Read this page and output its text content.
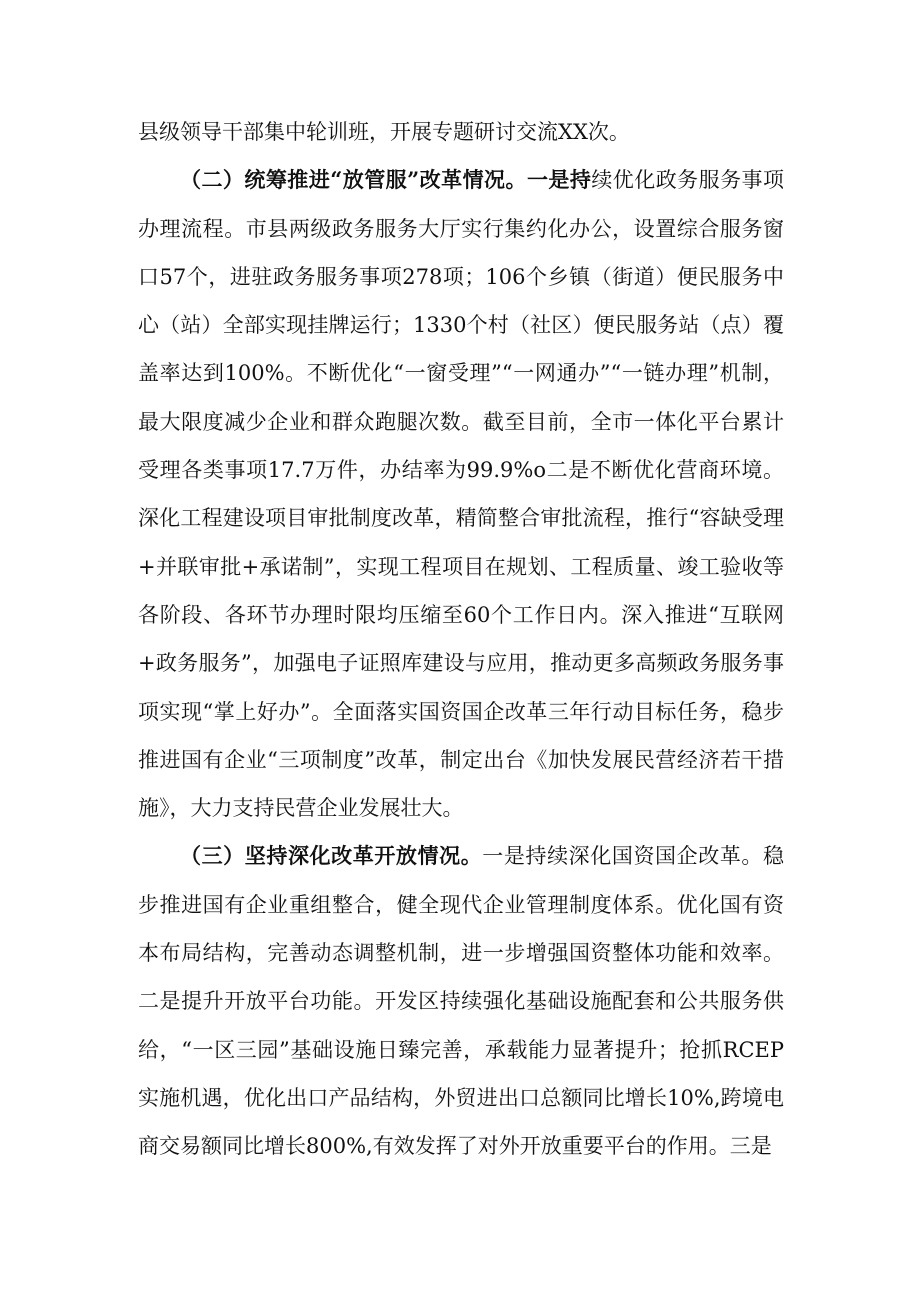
县级领导干部集中轮训班，开展专题研讨交流XX次。

（二）统筹推进“放管服”改革情况。一是持续优化政务服务事项办理流程。市县两级政务服务大厅实行集约化办公，设置综合服务窗口57个，进驻政务服务事项278项；106个乡镇（街道）便民服务中心（站）全部实现挂牌运行；1330个村（社区）便民服务站（点）覆盖率达到100%。不断优化“一窗受理”“一网通办”“一链办理”机制，最大限度减少企业和群众跑腿次数。截至目前，全市一体化平台累计受理各类事项17.7万件，办结率为99.9%o二是不断优化营商环境。深化工程建设项目审批制度改革，精简整合审批流程，推行“容缺受理+并联审批+承诺制”，实现工程项目在规划、工程质量、竣工验收等各阶段、各环节办理时限均压缩至60个工作日内。深入推进“互联网+政务服务”，加强电子证照库建设与应用，推动更多高频政务服务事项实现“掌上好办”。全面落实国资国企改革三年行动目标任务，稳步推进国有企业“三项制度”改革，制定出台《加快发展民营经济若干措施》，大力支持民营企业发展壮大。

（三）坚持深化改革开放情况。一是持续深化国资国企改革。稳步推进国有企业重组整合，健全现代企业管理制度体系。优化国有资本布局结构，完善动态调整机制，进一步增强国资整体功能和效率。二是提升开放平台功能。开发区持续强化基础设施配套和公共服务供给，“一区三园”基础设施日臻完善，承载能力显著提升；抢抓RCEP实施机遇，优化出口产品结构，外贸进出口总额同比增长10%,跨境电商交易额同比增长800%,有效发挥了对外开放重要平台的作用。三是
